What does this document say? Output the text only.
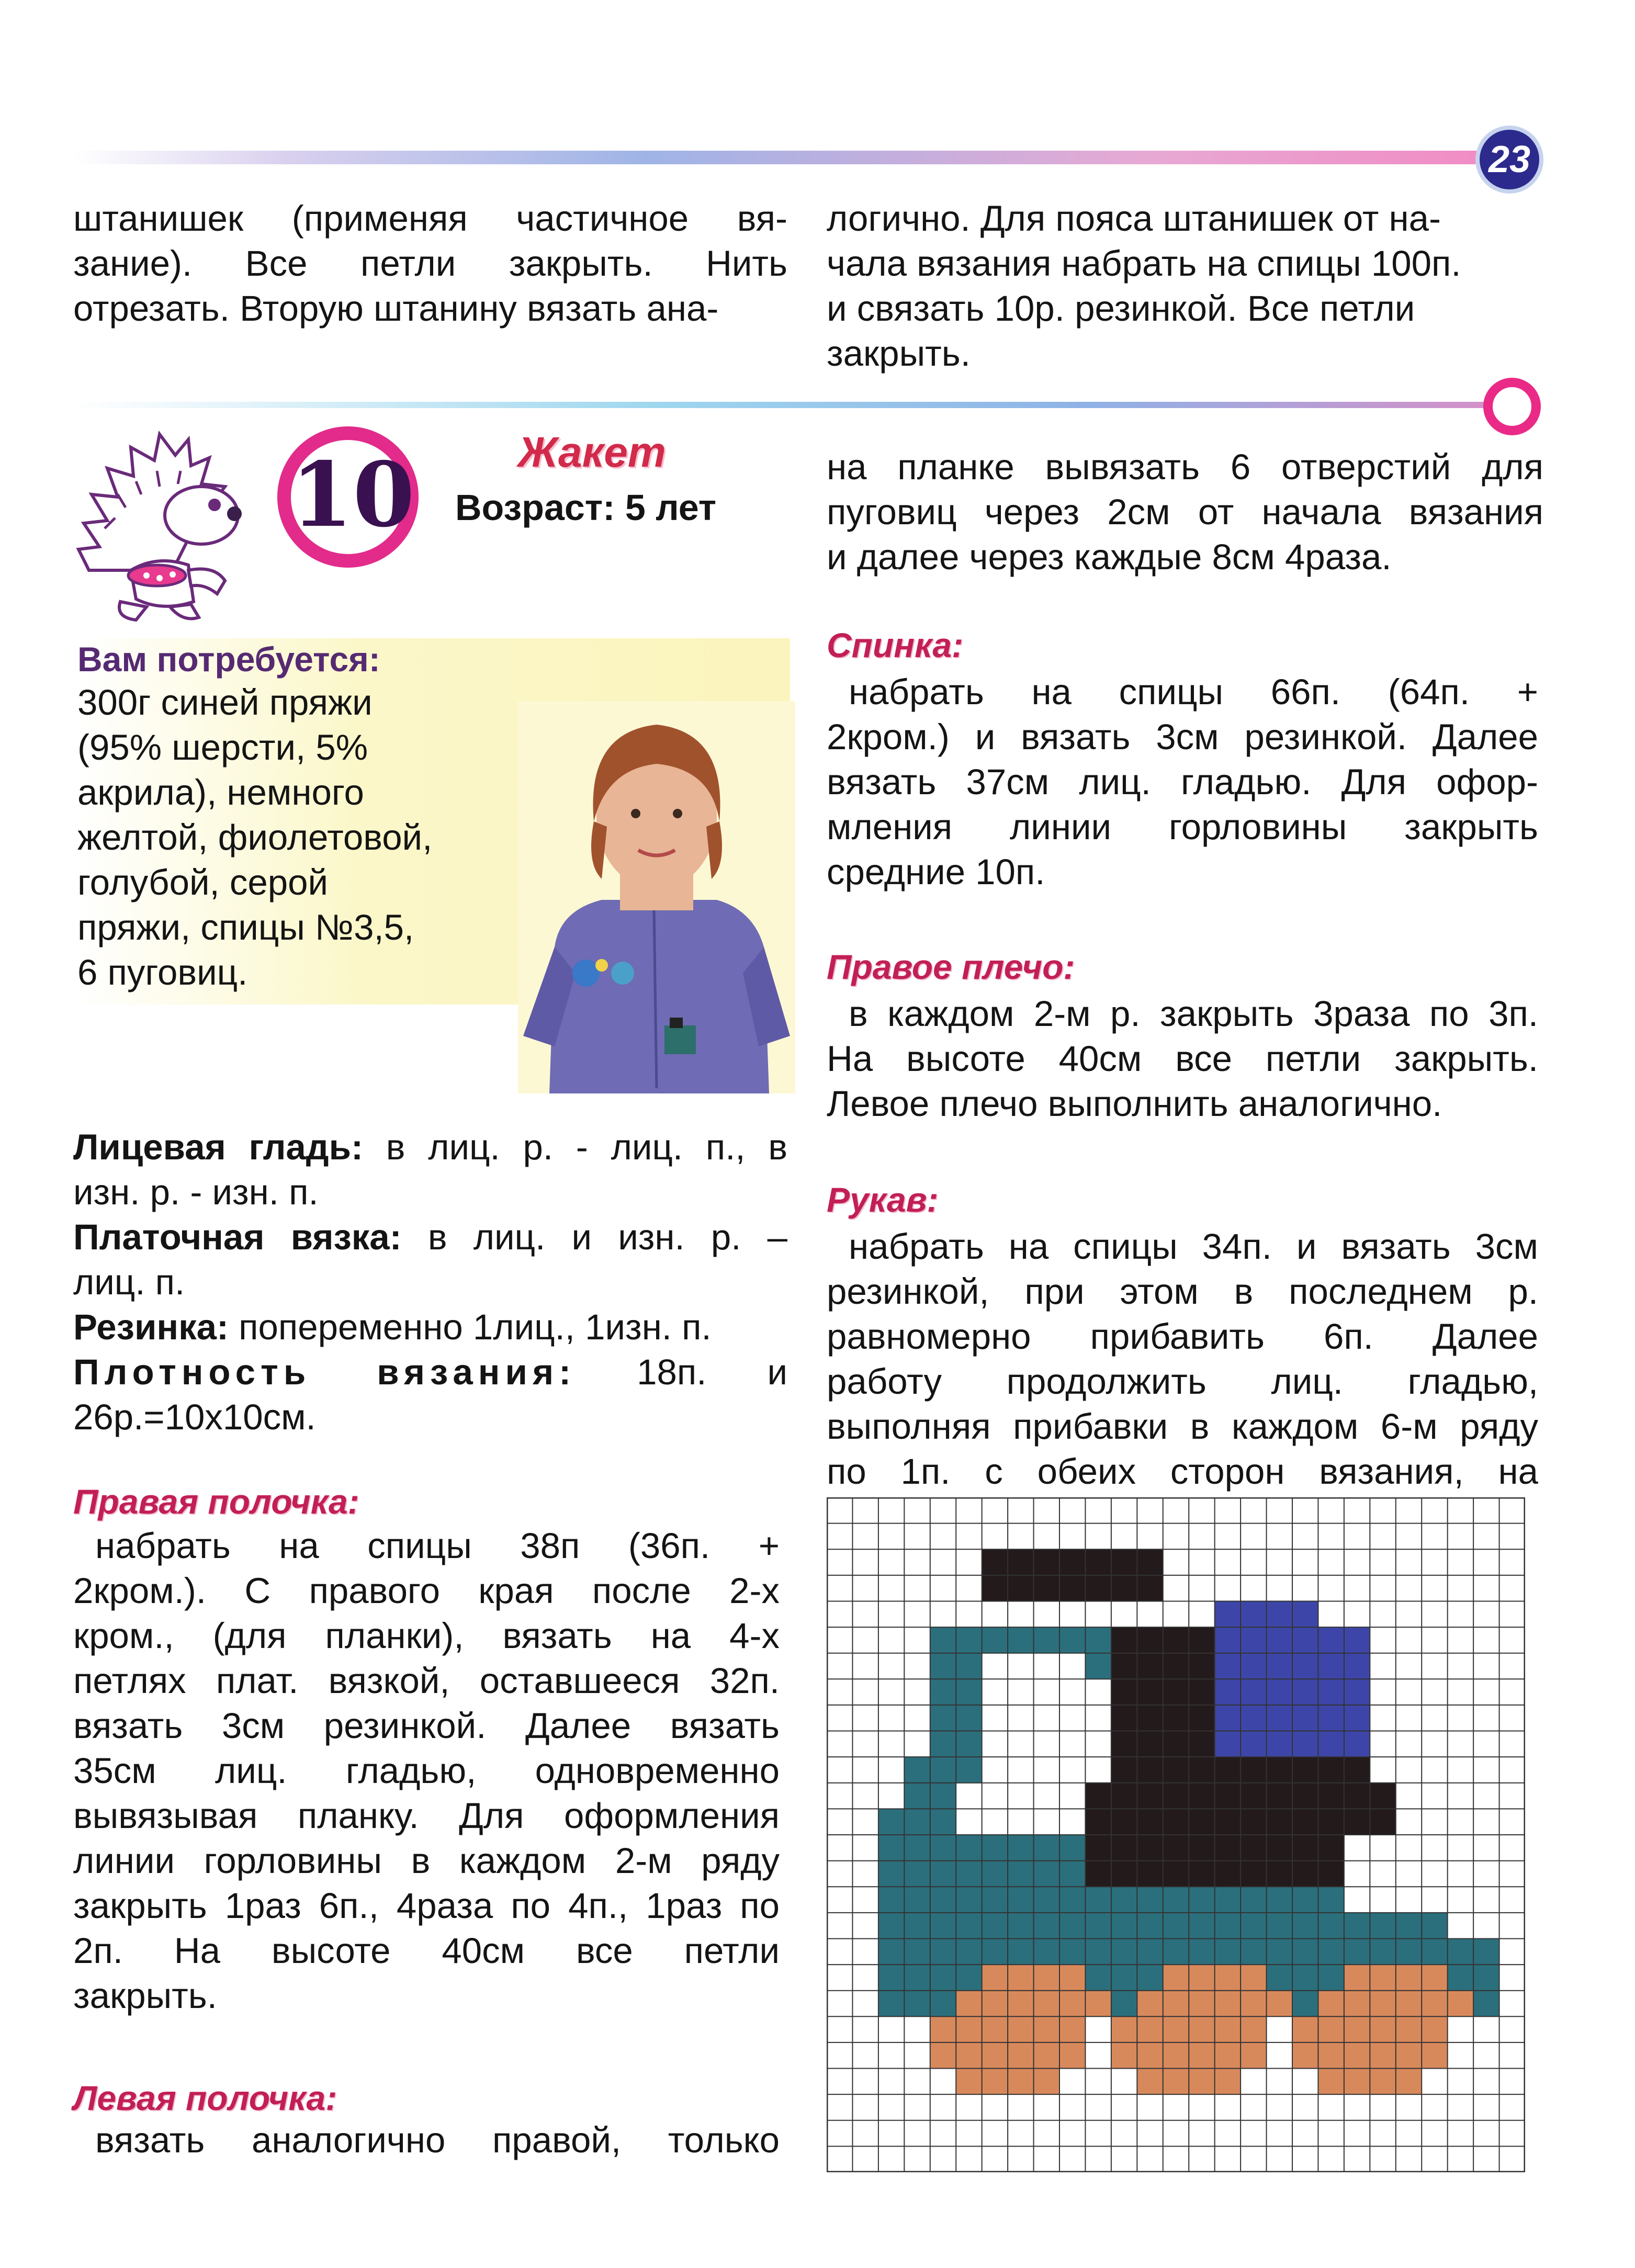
23
штанишек (применяя частичное вя-
зание). Все петли закрыть. Нить
отрезать. Вторую штанину вязать ана-
логично. Для пояса штанишек от на-
чала вязания набрать на спицы 100п.
и связать 10р. резинкой. Все петли
закрыть.
10 Жакет
Возраст: 5 лет
Вам потребуется:
300г синей пряжи
(95% шерсти, 5%
акрила), немного
желтой, фиолетовой,
голубой, серой
пряжи, спицы №3,5,
6 пуговиц.
Лицевая гладь: в лиц. р. - лиц. п., в
изн. р. - изн. п.
Платочная вязка: в лиц. и изн. р. –
лиц. п.
Резинка: попеременно 1лиц., 1изн. п.
Плотность вязания: 18п. и
26р.=10х10см.
Правая полочка:
набрать на спицы 38п (36п. +
2кром.). С правого края после 2-х
кром., (для планки), вязать на 4-х
петлях плат. вязкой, оставшееся 32п.
вязать 3см резинкой. Далее вязать
35см лиц. гладью, одновременно
вывязывая планку. Для оформления
линии горловины в каждом 2-м ряду
закрыть 1раз 6п., 4раза по 4п., 1раз по
2п. На высоте 40см все петли
закрыть.
Левая полочка:
вязать аналогично правой, только
на планке вывязать 6 отверстий для
пуговиц через 2см от начала вязания
и далее через каждые 8см 4раза.
Спинка:
набрать на спицы 66п. (64п. +
2кром.) и вязать 3см резинкой. Далее
вязать 37см лиц. гладью. Для офор-
мления линии горловины закрыть
средние 10п.
Правое плечо:
в каждом 2-м р. закрыть 3раза по 3п.
На высоте 40см все петли закрыть.
Левое плечо выполнить аналогично.
Рукав:
набрать на спицы 34п. и вязать 3см
резинкой, при этом в последнем р.
равномерно прибавить 6п. Далее
работу продолжить лиц. гладью,
выполняя прибавки в каждом 6-м ряду
по 1п. с обеих сторон вязания, на
